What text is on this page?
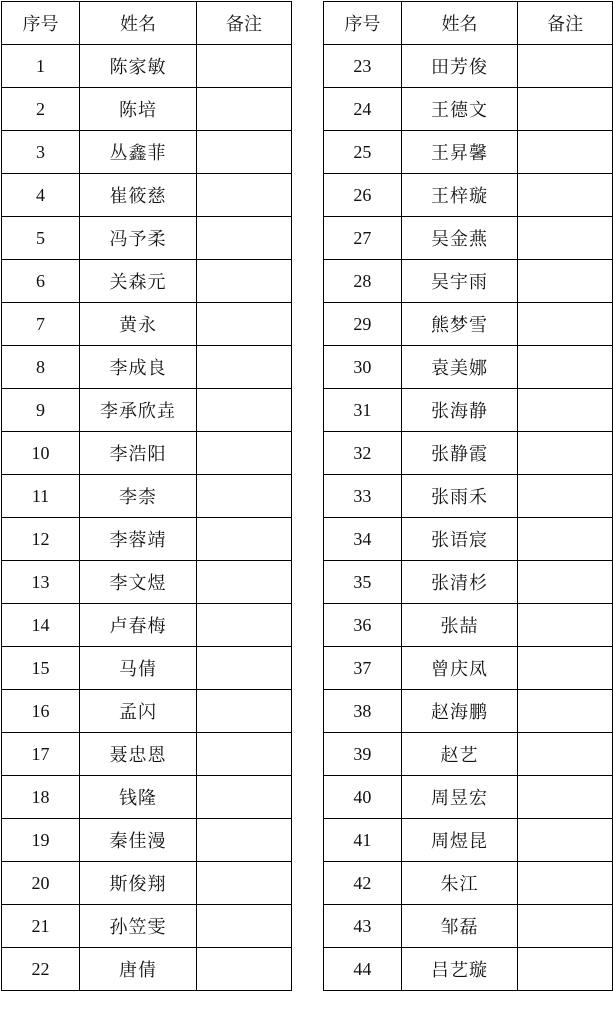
序号	姓名	备注
1	陈家敏	
2	陈培	
3	丛鑫菲	
4	崔筱慈	
5	冯予柔	
6	关森元	
7	黄永	
8	李成良	
9	李承欣垚	
10	李浩阳	
11	李柰	
12	李蓉靖	
13	李文煜	
14	卢春梅	
15	马倩	
16	孟闪	
17	聂忠恩	
18	钱隆	
19	秦佳漫	
20	斯俊翔	
21	孙笠雯	
22	唐倩	
序号	姓名	备注
23	田芳俊	
24	王德文	
25	王昇馨	
26	王梓璇	
27	吴金燕	
28	吴宇雨	
29	熊梦雪	
30	袁美娜	
31	张海静	
32	张静霞	
33	张雨禾	
34	张语宸	
35	张清杉	
36	张喆	
37	曾庆凤	
38	赵海鹏	
39	赵艺	
40	周昱宏	
41	周煜昆	
42	朱江	
43	邹磊	
44	吕艺璇	
